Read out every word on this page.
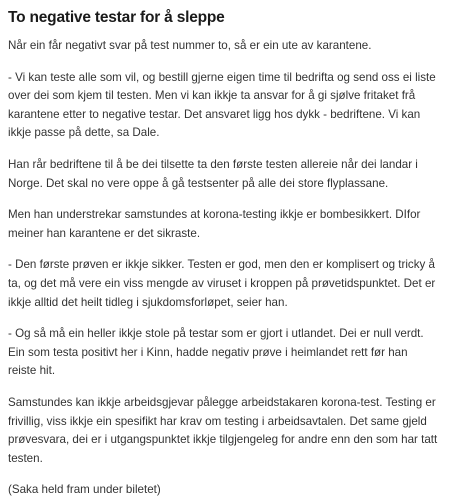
To negative testar for å sleppe

Når ein får negativt svar på test nummer to, så er ein ute av karantene.

- Vi kan teste alle som vil, og bestill gjerne eigen time til bedrifta og send oss ei liste over dei som kjem til testen. Men vi kan ikkje ta ansvar for å gi sjølve fritaket frå karantene etter to negative testar. Det ansvaret ligg hos dykk - bedriftene. Vi kan ikkje passe på dette, sa Dale.

Han rår bedriftene til å be dei tilsette ta den første testen allereie når dei landar i Norge. Det skal no vere oppe å gå testsenter på alle dei store flyplassane.

Men han understrekar samstundes at korona-testing ikkje er bombesikkert. DIfor meiner han karantene er det sikraste.

- Den første prøven er ikkje sikker. Testen er god, men den er komplisert og tricky å ta, og det må vere ein viss mengde av viruset i kroppen på prøvetidspunktet. Det er ikkje alltid det heilt tidleg i sjukdomsforløpet, seier han.

- Og så må ein heller ikkje stole på testar som er gjort i utlandet. Dei er null verdt. Ein som testa positivt her i Kinn, hadde negativ prøve i heimlandet rett før han reiste hit.

Samstundes kan ikkje arbeidsgjevar pålegge arbeidstakaren korona-test. Testing er frivillig, viss ikkje ein spesifikt har krav om testing i arbeidsavtalen. Det same gjeld prøvesvara, dei er i utgangspunktet ikkje tilgjengeleg for andre enn den som har tatt testen.

(Saka held fram under biletet)
